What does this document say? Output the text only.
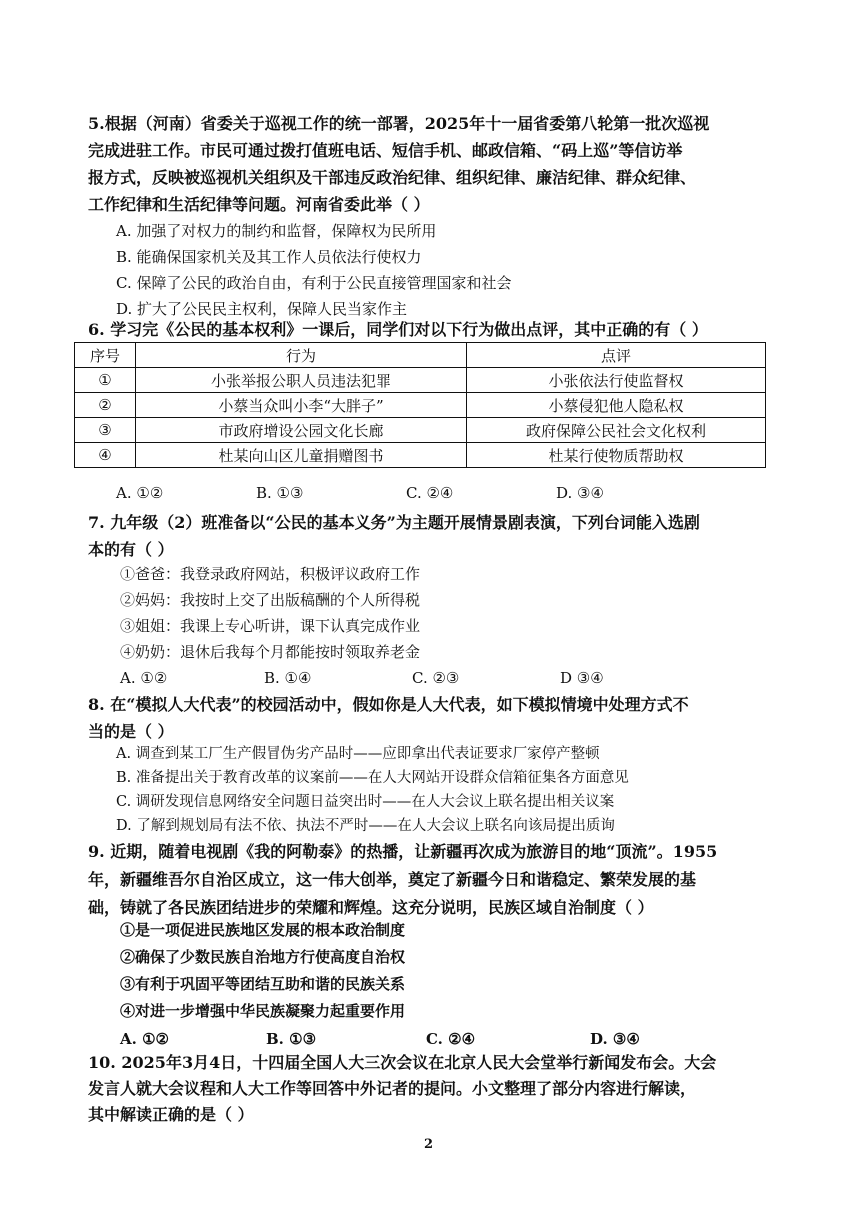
5.根据（河南）省委关于巡视工作的统一部署，2025年十一届省委第八轮第一批次巡视
完成进驻工作。市民可通过拨打值班电话、短信手机、邮政信箱、“码上巡”等信访举
报方式，反映被巡视机关组织及干部违反政治纪律、组织纪律、廉洁纪律、群众纪律、
工作纪律和生活纪律等问题。河南省委此举（ ）
A. 加强了对权力的制约和监督，保障权为民所用
B. 能确保国家机关及其工作人员依法行使权力
C. 保障了公民的政治自由，有利于公民直接管理国家和社会
D. 扩大了公民民主权利，保障人民当家作主
6. 学习完《公民的基本权利》一课后，同学们对以下行为做出点评，其中正确的有（ ）
序号	行为	点评
①	小张举报公职人员违法犯罪	小张依法行使监督权
②	小蔡当众叫小李“大胖子”	小蔡侵犯他人隐私权
③	市政府增设公园文化长廊	政府保障公民社会文化权利
④	杜某向山区儿童捐赠图书	杜某行使物质帮助权
A. ①②	B. ①③	C. ②④	D. ③④
7. 九年级（2）班准备以“公民的基本义务”为主题开展情景剧表演，下列台词能入选剧
本的有（ ）
①爸爸：我登录政府网站，积极评议政府工作
②妈妈：我按时上交了出版稿酬的个人所得税
③姐姐：我课上专心听讲，课下认真完成作业
④奶奶：退休后我每个月都能按时领取养老金
A. ①②	B. ①④	C. ②③	D ③④
8. 在“模拟人大代表”的校园活动中，假如你是人大代表，如下模拟情境中处理方式不
当的是（ ）
A. 调查到某工厂生产假冒伪劣产品时——应即拿出代表证要求厂家停产整顿
B. 准备提出关于教育改革的议案前——在人大网站开设群众信箱征集各方面意见
C. 调研发现信息网络安全问题日益突出时——在人大会议上联名提出相关议案
D. 了解到规划局有法不依、执法不严时——在人大会议上联名向该局提出质询
9. 近期，随着电视剧《我的阿勒泰》的热播，让新疆再次成为旅游目的地“顶流”。1955
年，新疆维吾尔自治区成立，这一伟大创举，奠定了新疆今日和谐稳定、繁荣发展的基
础，铸就了各民族团结进步的荣耀和辉煌。这充分说明，民族区域自治制度（ ）
①是一项促进民族地区发展的根本政治制度
②确保了少数民族自治地方行使高度自治权
③有利于巩固平等团结互助和谐的民族关系
④对进一步增强中华民族凝聚力起重要作用
A. ①②	B. ①③	C. ②④	D. ③④
10. 2025年3月4日，十四届全国人大三次会议在北京人民大会堂举行新闻发布会。大会
发言人就大会议程和人大工作等回答中外记者的提问。小文整理了部分内容进行解读，
其中解读正确的是（ ）
2
